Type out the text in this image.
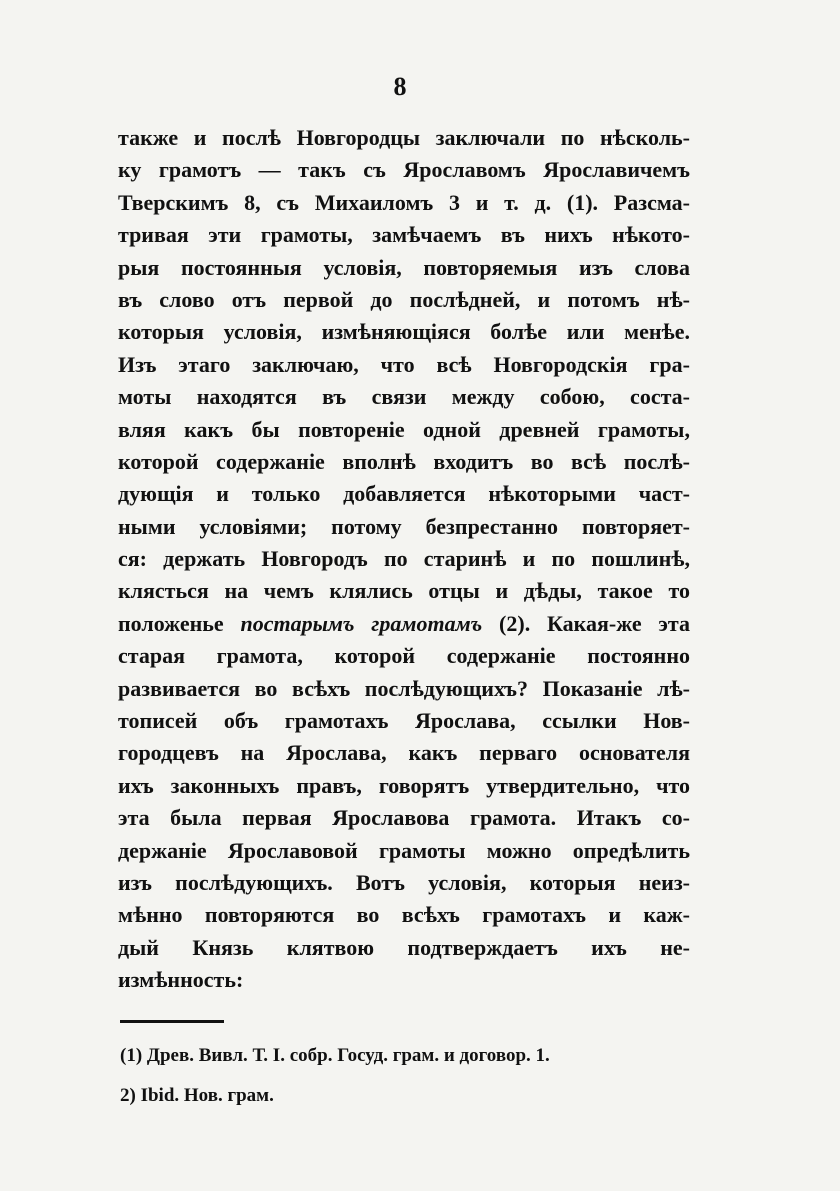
8
также и послѣ Новгородцы заключали по нѣсколь-
ку грамотъ — такъ съ Ярославомъ Ярославичемъ
Тверскимъ 8, съ Михаиломъ 3 и т. д. (1). Разсма-
тривая эти грамоты, замѣчаемъ въ нихъ нѣкото-
рыя постоянныя условія, повторяемыя изъ слова
въ слово отъ первой до послѣдней, и потомъ нѣ-
которыя условія, измѣняющіяся болѣе или менѣе.
Изъ этаго заключаю, что всѣ Новгородскія гра-
моты находятся въ связи между собою, соста-
вляя какъ бы повтореніе одной древней грамоты,
которой содержаніе вполнѣ входитъ во всѣ послѣ-
дующія и только добавляется нѣкоторыми част-
ными условіями; потому безпрестанно повторяет-
ся: держать Новгородъ по старинѣ и по пошлинѣ,
клясться на чемъ клялись отцы и дѣды, такое то
положенье постарымъ грамотамъ (2). Какая-же эта
старая грамота, которой содержаніе постоянно
развивается во всѣхъ послѣдующихъ? Показаніе лѣ-
тописей объ грамотахъ Ярослава, ссылки Нов-
городцевъ на Ярослава, какъ перваго основателя
ихъ законныхъ правъ, говорятъ утвердительно, что
эта была первая Ярославова грамота. Итакъ со-
держаніе Ярославовой грамоты можно опредѣлить
изъ послѣдующихъ. Вотъ условія, которыя неиз-
мѣнно повторяются во всѣхъ грамотахъ и каж-
дый Князь клятвою подтверждаетъ ихъ не-
измѣнность:
(1) Древ. Вивл. Т. I. собр. Госуд. грам. и договор. 1.
2) Ibid. Нов. грам.
